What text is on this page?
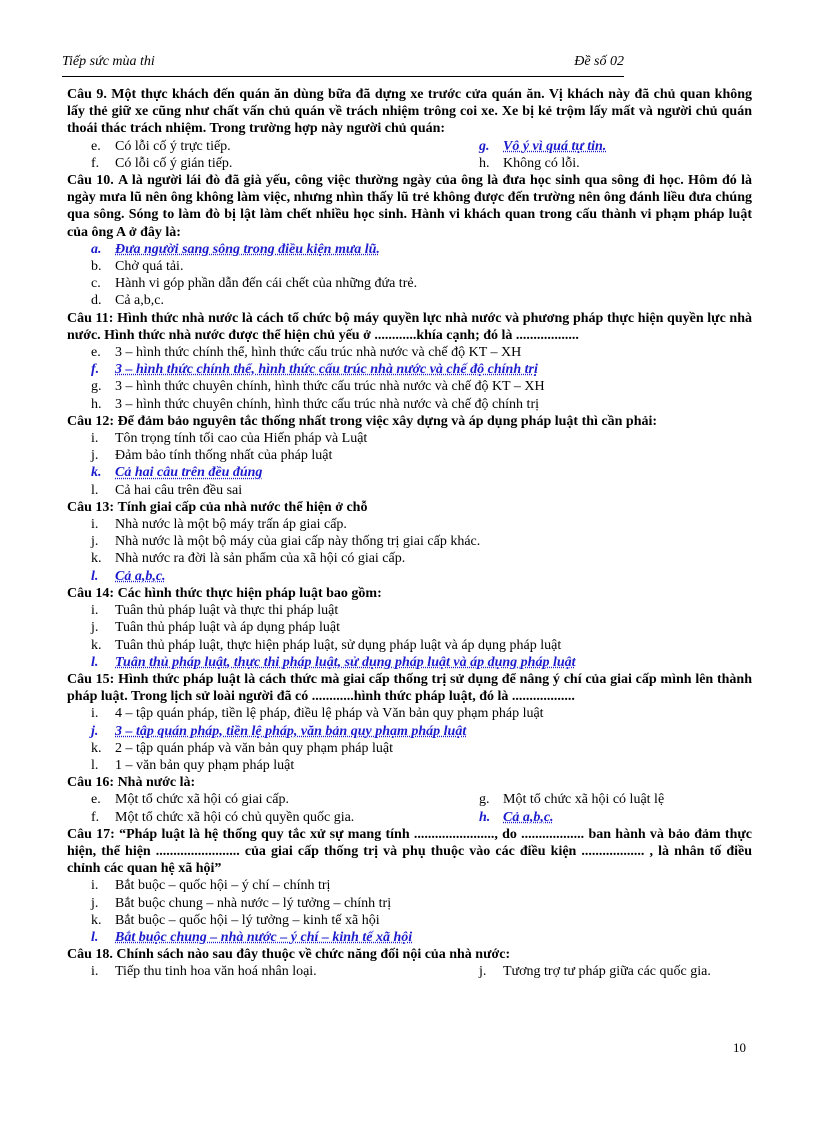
Tiếp sức mùa thi	Đề số 02

Câu 9. Một thực khách đến quán ăn dùng bữa đã dựng xe trước cửa quán ăn. Vị khách này đã chủ quan không lấy thẻ giữ xe cũng như chất vấn chủ quán về trách nhiệm trông coi xe. Xe bị kẻ trộm lấy mất và người chủ quán thoái thác trách nhiệm. Trong trường hợp này người chủ quán:

e.	Có lỗi cố ý trực tiếp.	g. Vô ý vì quá tự tin.
f.	Có lỗi cố ý gián tiếp.	h. Không có lỗi.

Câu 10. A là người lái đò đã già yếu, công việc thường ngày của ông là đưa học sinh qua sông đi học. Hôm đó là ngày mưa lũ nên ông không làm việc, nhưng nhìn thấy lũ trẻ không được đến trường nên ông đánh liều đưa chúng qua sông. Sóng to làm đò bị lật làm chết nhiều học sinh. Hành vi khách quan trong cấu thành vi phạm pháp luật của ông A ở đây là:

a. Đưa người sang sông trong điều kiện mưa lũ.
b. Chở quá tải.
c.	Hành vi góp phần dẫn đến cái chết của những đứa trẻ.
d. Cả a,b,c.

Câu 11: Hình thức nhà nước là cách tổ chức bộ máy quyền lực nhà nước và phương pháp thực hiện quyền lực nhà nước. Hình thức nhà nước được thể hiện chủ yếu ở ............khía cạnh; đó là ..................

e.	3 – hình thức chính thể, hình thức cấu trúc nhà nước và chế độ KT – XH
f.	3 – hình thức chính thể, hình thức cấu trúc nhà nước và chế độ chính trị
g. 3 – hình thức chuyên chính, hình thức cấu trúc nhà nước và chế độ KT – XH
h. 3 – hình thức chuyên chính, hình thức cấu trúc nhà nước và chế độ chính trị

Câu 12: Để đảm bảo nguyên tắc thống nhất trong việc xây dựng và áp dụng pháp luật thì cần phải:

i.	Tôn trọng tính tối cao của Hiến pháp và Luật
j.	Đảm bảo tính thống nhất của pháp luật
k. Cả hai câu trên đều đúng
l.	Cả hai câu trên đều sai

Câu 13: Tính giai cấp của nhà nước thể hiện ở chỗ

i.	Nhà nước là một bộ máy trấn áp giai cấp.
j.	Nhà nước là một bộ máy của giai cấp này thống trị giai cấp khác.
k. Nhà nước ra đời là sản phẩm của xã hội có giai cấp.
l.	Cả a,b,c.

Câu 14: Các hình thức thực hiện pháp luật bao gồm:

i.	Tuân thủ pháp luật và thực thi pháp luật
j.	Tuân thủ pháp luật và áp dụng pháp luật
k. Tuân thủ pháp luật, thực hiện pháp luật, sử dụng pháp luật và áp dụng pháp luật
l.	Tuân thủ pháp luật, thực thi pháp luật, sử dụng pháp luật và áp dụng pháp luật

Câu 15: Hình thức pháp luật là cách thức mà giai cấp thống trị sử dụng để nâng ý chí của giai cấp mình lên thành pháp luật. Trong lịch sử loài người đã có ............hình thức pháp luật, đó là ..................

i.	4 – tập quán pháp, tiền lệ pháp, điều lệ pháp và Văn bản quy phạm pháp luật
j.	3 – tập quán pháp, tiền lệ pháp, văn bản quy phạm pháp luật
k. 2 – tập quán pháp và văn bản quy phạm pháp luật
l.	1 – văn bản quy phạm pháp luật

Câu 16: Nhà nước là:

e.	Một tổ chức xã hội có giai cấp.	g. Một tổ chức xã hội có luật lệ
f.	Một tổ chức xã hội có chủ quyền quốc gia.	h. Cả a,b,c.

Câu 17: “Pháp luật là hệ thống quy tắc xử sự mang tính ......................., do .................. ban hành và bảo đảm thực hiện, thể hiện ........................ của giai cấp thống trị và phụ thuộc vào các điều kiện .................. , là nhân tố điều chỉnh các quan hệ xã hội”

i.	Bắt buộc – quốc hội – ý chí – chính trị
j.	Bắt buộc chung – nhà nước – lý tưởng – chính trị
k. Bắt buộc – quốc hội – lý tưởng – kinh tế xã hội
l.	Bắt buộc chung – nhà nước – ý chí – kinh tế xã hội

Câu 18. Chính sách nào sau đây thuộc về chức năng đối nội của nhà nước:

i.	Tiếp thu tinh hoa văn hoá nhân loại.	j.	Tương trợ tư pháp giữa các quốc gia.
10
